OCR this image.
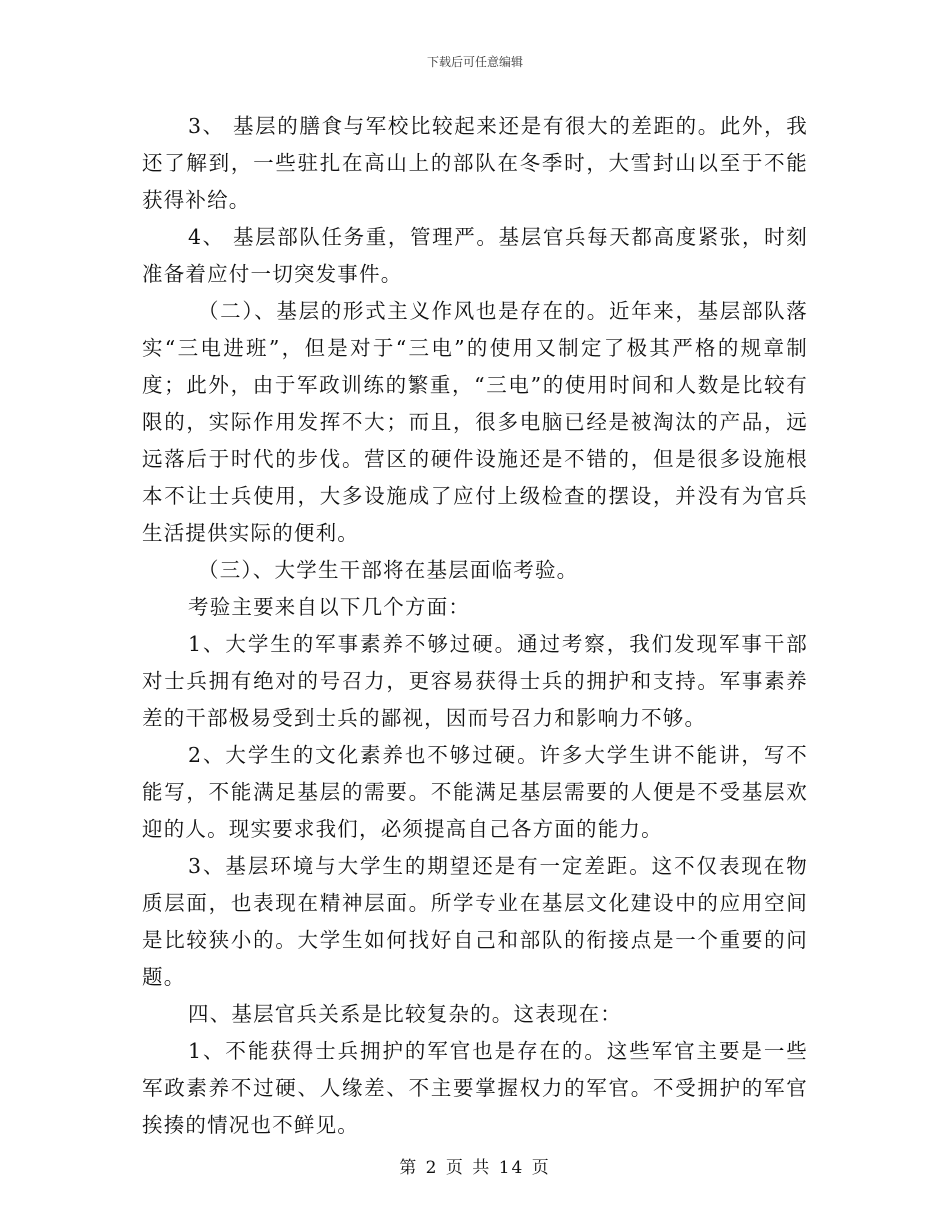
下载后可任意编辑

3、 基层的膳食与军校比较起来还是有很大的差距的。此外，我还了解到，一些驻扎在高山上的部队在冬季时，大雪封山以至于不能获得补给。

4、 基层部队任务重，管理严。基层官兵每天都高度紧张，时刻准备着应付一切突发事件。

（二）、基层的形式主义作风也是存在的。近年来，基层部队落实“三电进班”，但是对于“三电”的使用又制定了极其严格的规章制度；此外，由于军政训练的繁重，“三电”的使用时间和人数是比较有限的，实际作用发挥不大；而且，很多电脑已经是被淘汰的产品，远远落后于时代的步伐。营区的硬件设施还是不错的，但是很多设施根本不让士兵使用，大多设施成了应付上级检查的摆设，并没有为官兵生活提供实际的便利。

（三）、大学生干部将在基层面临考验。

考验主要来自以下几个方面：

1、大学生的军事素养不够过硬。通过考察，我们发现军事干部对士兵拥有绝对的号召力，更容易获得士兵的拥护和支持。军事素养差的干部极易受到士兵的鄙视，因而号召力和影响力不够。

2、大学生的文化素养也不够过硬。许多大学生讲不能讲，写不能写，不能满足基层的需要。不能满足基层需要的人便是不受基层欢迎的人。现实要求我们，必须提高自己各方面的能力。

3、基层环境与大学生的期望还是有一定差距。这不仅表现在物质层面，也表现在精神层面。所学专业在基层文化建设中的应用空间是比较狭小的。大学生如何找好自己和部队的衔接点是一个重要的问题。

四、基层官兵关系是比较复杂的。这表现在：

1、不能获得士兵拥护的军官也是存在的。这些军官主要是一些军政素养不过硬、人缘差、不主要掌握权力的军官。不受拥护的军官挨揍的情况也不鲜见。

第 2 页 共 14 页
